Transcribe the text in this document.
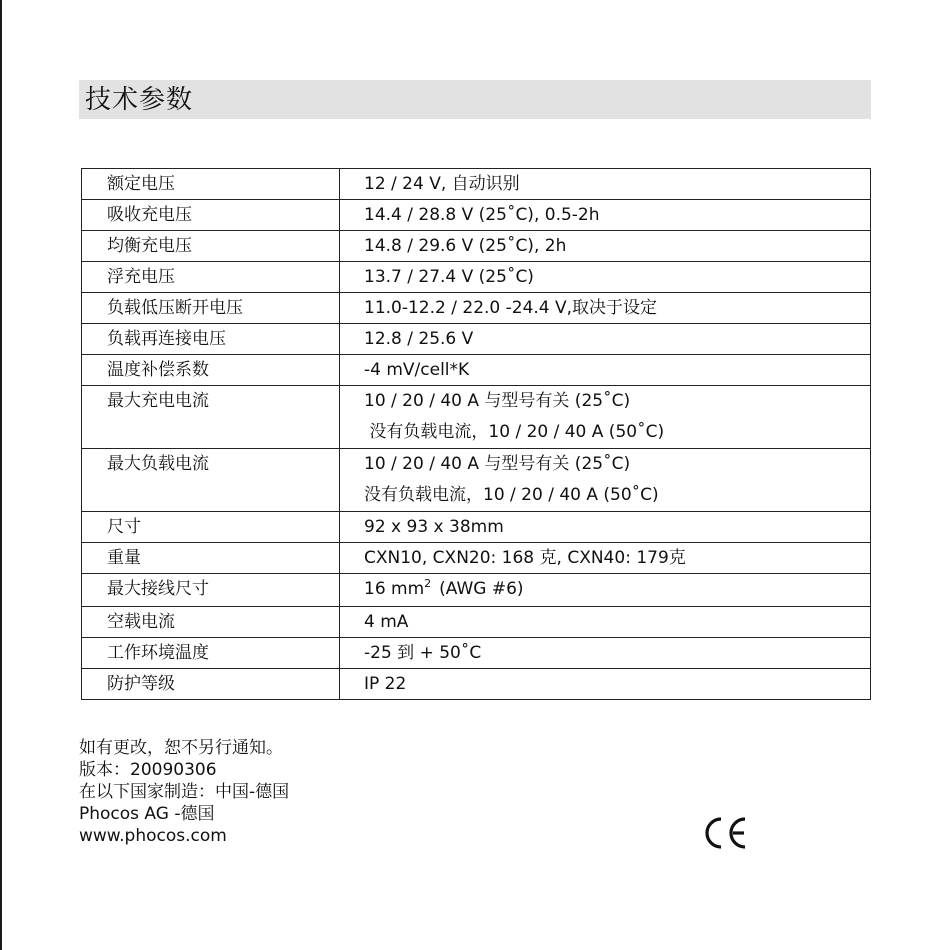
技术参数
额定电压	12 / 24 V, 自动识别
吸收充电压	14.4 / 28.8 V (25˚C), 0.5-2h
均衡充电压	14.8 / 29.6 V (25˚C), 2h
浮充电压	13.7 / 27.4 V (25˚C)
负载低压断开电压	11.0-12.2 / 22.0 -24.4 V,取决于设定
负载再连接电压	12.8 / 25.6 V
温度补偿系数	-4 mV/cell*K
最大充电电流	10 / 20 / 40 A 与型号有关 (25˚C)
没有负载电流，10 / 20 / 40 A (50˚C)

最大负载电流	10 / 20 / 40 A 与型号有关 (25˚C)
没有负载电流，10 / 20 / 40 A (50˚C)

尺寸	92 x 93 x 38mm
重量	CXN10, CXN20: 168 克, CXN40: 179克
最大接线尺寸	16 $mm^2$ (AWG #6)
空载电流	4 mA
工作环境温度	-25 到 + 50˚C
防护等级	IP 22
如有更改，恕不另行通知。
版本：20090306
在以下国家制造：中国-德国
Phocos AG -德国
www.phocos.com
